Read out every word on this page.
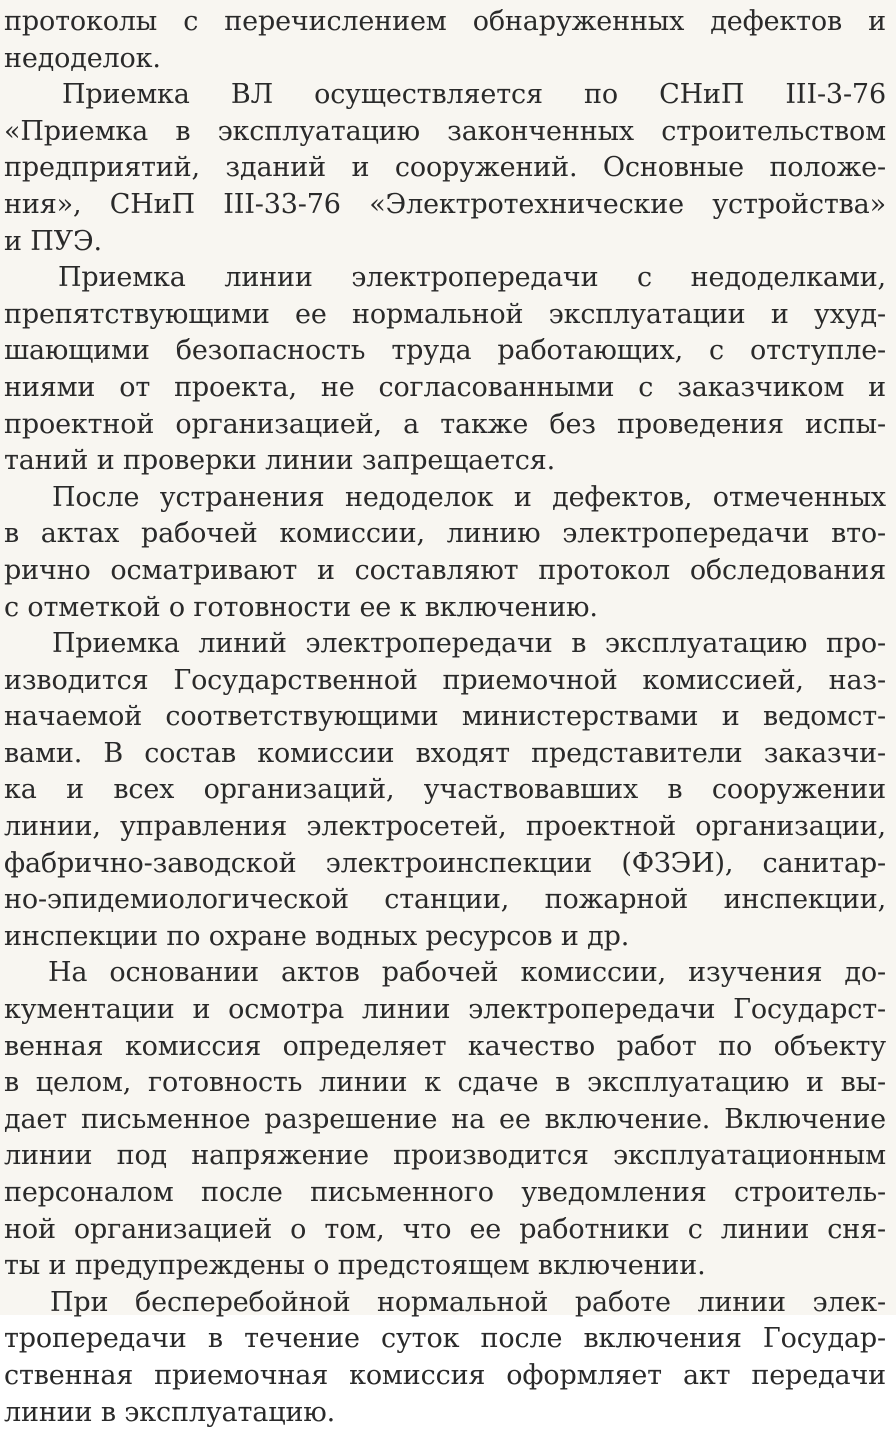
протоколы с перечислением обнаруженных дефектов и
недоделок.
Приемка ВЛ осуществляется по СНиП III-3-76
«Приемка в эксплуатацию законченных строительством
предприятий, зданий и сооружений. Основные положе-
ния», СНиП III-33-76 «Электротехнические устройства»
и ПУЭ.
Приемка линии электропередачи с недоделками,
препятствующими ее нормальной эксплуатации и ухуд-
шающими безопасность труда работающих, с отступле-
ниями от проекта, не согласованными с заказчиком и
проектной организацией, а также без проведения испы-
таний и проверки линии запрещается.
После устранения недоделок и дефектов, отмеченных
в актах рабочей комиссии, линию электропередачи вто-
рично осматривают и составляют протокол обследования
с отметкой о готовности ее к включению.
Приемка линий электропередачи в эксплуатацию про-
изводится Государственной приемочной комиссией, наз-
начаемой соответствующими министерствами и ведомст-
вами. В состав комиссии входят представители заказчи-
ка и всех организаций, участвовавших в сооружении
линии, управления электросетей, проектной организации,
фабрично-заводской электроинспекции (ФЗЭИ), санитар-
но-эпидемиологической станции, пожарной инспекции,
инспекции по охране водных ресурсов и др.
На основании актов рабочей комиссии, изучения до-
кументации и осмотра линии электропередачи Государст-
венная комиссия определяет качество работ по объекту
в целом, готовность линии к сдаче в эксплуатацию и вы-
дает письменное разрешение на ее включение. Включение
линии под напряжение производится эксплуатационным
персоналом после письменного уведомления строитель-
ной организацией о том, что ее работники с линии сня-
ты и предупреждены о предстоящем включении.
При бесперебойной нормальной работе линии элек-
тропередачи в течение суток после включения Государ-
ственная приемочная комиссия оформляет акт передачи
линии в эксплуатацию.
